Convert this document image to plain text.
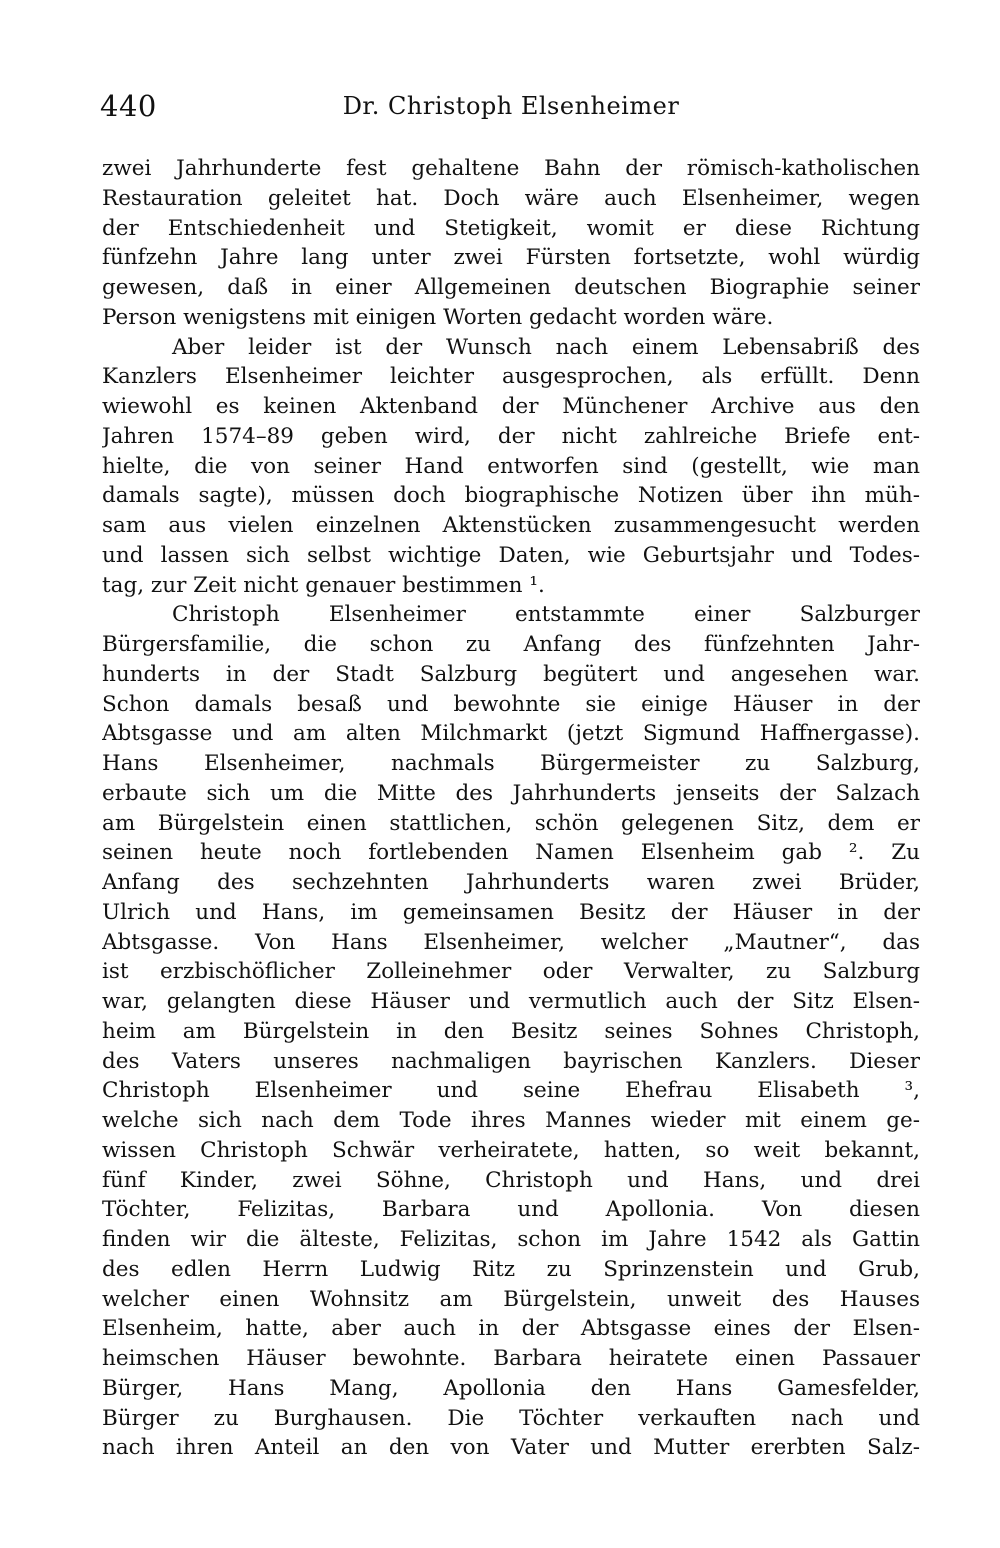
440	Dr. Christoph Elsenheimer
zwei Jahrhunderte fest gehaltene Bahn der römisch-katholischen
Restauration geleitet hat. Doch wäre auch Elsenheimer, wegen
der Entschiedenheit und Stetigkeit, womit er diese Richtung
fünfzehn Jahre lang unter zwei Fürsten fortsetzte, wohl würdig
gewesen, daß in einer Allgemeinen deutschen Biographie seiner
Person wenigstens mit einigen Worten gedacht worden wäre.
Aber leider ist der Wunsch nach einem Lebensabriß des
Kanzlers Elsenheimer leichter ausgesprochen, als erfüllt. Denn
wiewohl es keinen Aktenband der Münchener Archive aus den
Jahren 1574–89 geben wird, der nicht zahlreiche Briefe ent-
hielte, die von seiner Hand entworfen sind (gestellt, wie man
damals sagte), müssen doch biographische Notizen über ihn müh-
sam aus vielen einzelnen Aktenstücken zusammengesucht werden
und lassen sich selbst wichtige Daten, wie Geburtsjahr und Todes-
tag, zur Zeit nicht genauer bestimmen ¹.
Christoph Elsenheimer entstammte einer Salzburger
Bürgersfamilie, die schon zu Anfang des fünfzehnten Jahr-
hunderts in der Stadt Salzburg begütert und angesehen war.
Schon damals besaß und bewohnte sie einige Häuser in der
Abtsgasse und am alten Milchmarkt (jetzt Sigmund Haffnergasse).
Hans Elsenheimer, nachmals Bürgermeister zu Salzburg,
erbaute sich um die Mitte des Jahrhunderts jenseits der Salzach
am Bürgelstein einen stattlichen, schön gelegenen Sitz, dem er
seinen heute noch fortlebenden Namen Elsenheim gab ². Zu
Anfang des sechzehnten Jahrhunderts waren zwei Brüder,
Ulrich und Hans, im gemeinsamen Besitz der Häuser in der
Abtsgasse. Von Hans Elsenheimer, welcher „Mautner“, das
ist erzbischöflicher Zolleinehmer oder Verwalter, zu Salzburg
war, gelangten diese Häuser und vermutlich auch der Sitz Elsen-
heim am Bürgelstein in den Besitz seines Sohnes Christoph,
des Vaters unseres nachmaligen bayrischen Kanzlers. Dieser
Christoph Elsenheimer und seine Ehefrau Elisabeth ³,
welche sich nach dem Tode ihres Mannes wieder mit einem ge-
wissen Christoph Schwär verheiratete, hatten, so weit bekannt,
fünf Kinder, zwei Söhne, Christoph und Hans, und drei
Töchter, Felizitas, Barbara und Apollonia. Von diesen
finden wir die älteste, Felizitas, schon im Jahre 1542 als Gattin
des edlen Herrn Ludwig Ritz zu Sprinzenstein und Grub,
welcher einen Wohnsitz am Bürgelstein, unweit des Hauses
Elsenheim, hatte, aber auch in der Abtsgasse eines der Elsen-
heimschen Häuser bewohnte. Barbara heiratete einen Passauer
Bürger, Hans Mang, Apollonia den Hans Gamesfelder,
Bürger zu Burghausen. Die Töchter verkauften nach und
nach ihren Anteil an den von Vater und Mutter ererbten Salz-
